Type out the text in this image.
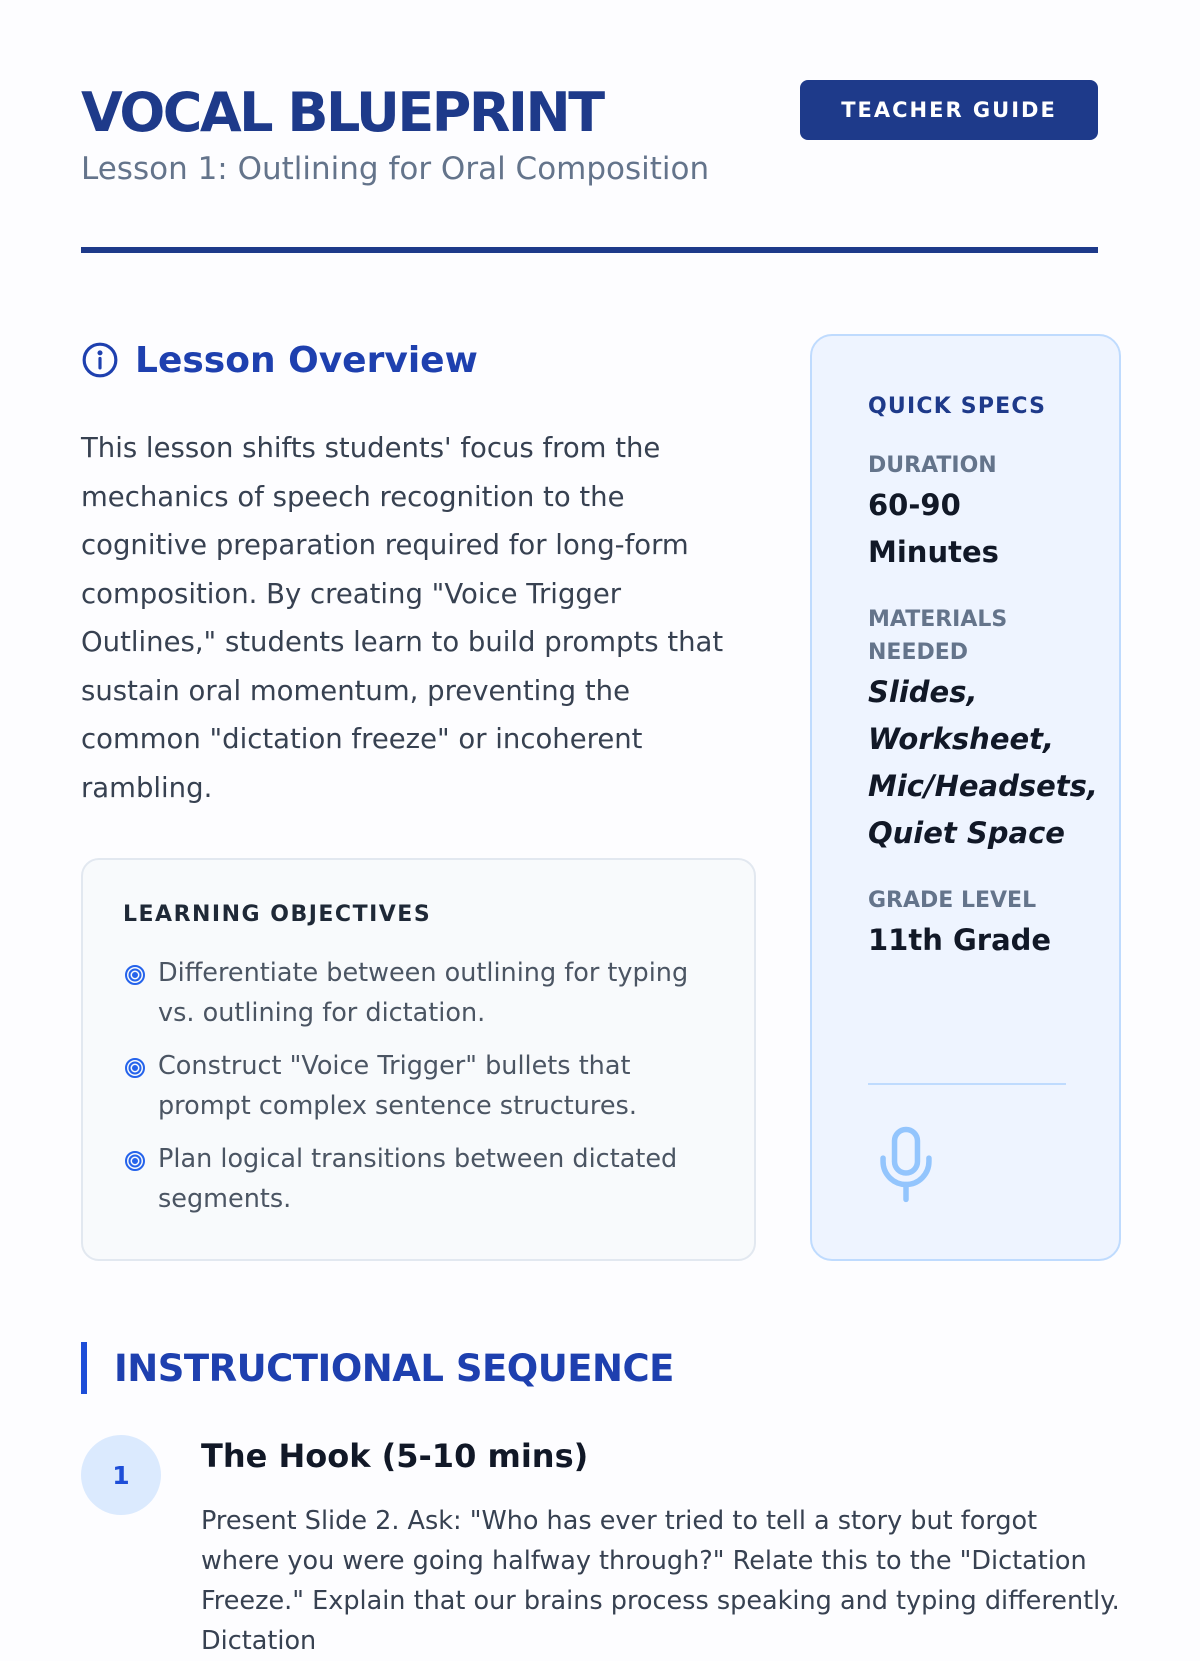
VOCAL BLUEPRINT
Lesson 1: Outlining for Oral Composition
TEACHER GUIDE
Lesson Overview

This lesson shifts students' focus from the mechanics of speech recognition to the cognitive preparation required for long-form composition. By creating "Voice Trigger Outlines," students learn to build prompts that sustain oral momentum, preventing the common "dictation freeze" or incoherent rambling.

LEARNING OBJECTIVES
Differentiate between outlining for typing vs. outlining for dictation.
Construct "Voice Trigger" bullets that prompt complex sentence structures.
Plan logical transitions between dictated segments.
QUICK SPECS
DURATION
60-90 Minutes
MATERIALS NEEDED
Slides, Worksheet, Mic/Headsets, Quiet Space
GRADE LEVEL
11th Grade
INSTRUCTIONAL SEQUENCE
1	The Hook (5-10 mins)

Present Slide 2. Ask: "Who has ever tried to tell a story but forgot where you were going halfway through?" Relate this to the "Dictation Freeze." Explain that our brains process speaking and typing differently. Dictation
